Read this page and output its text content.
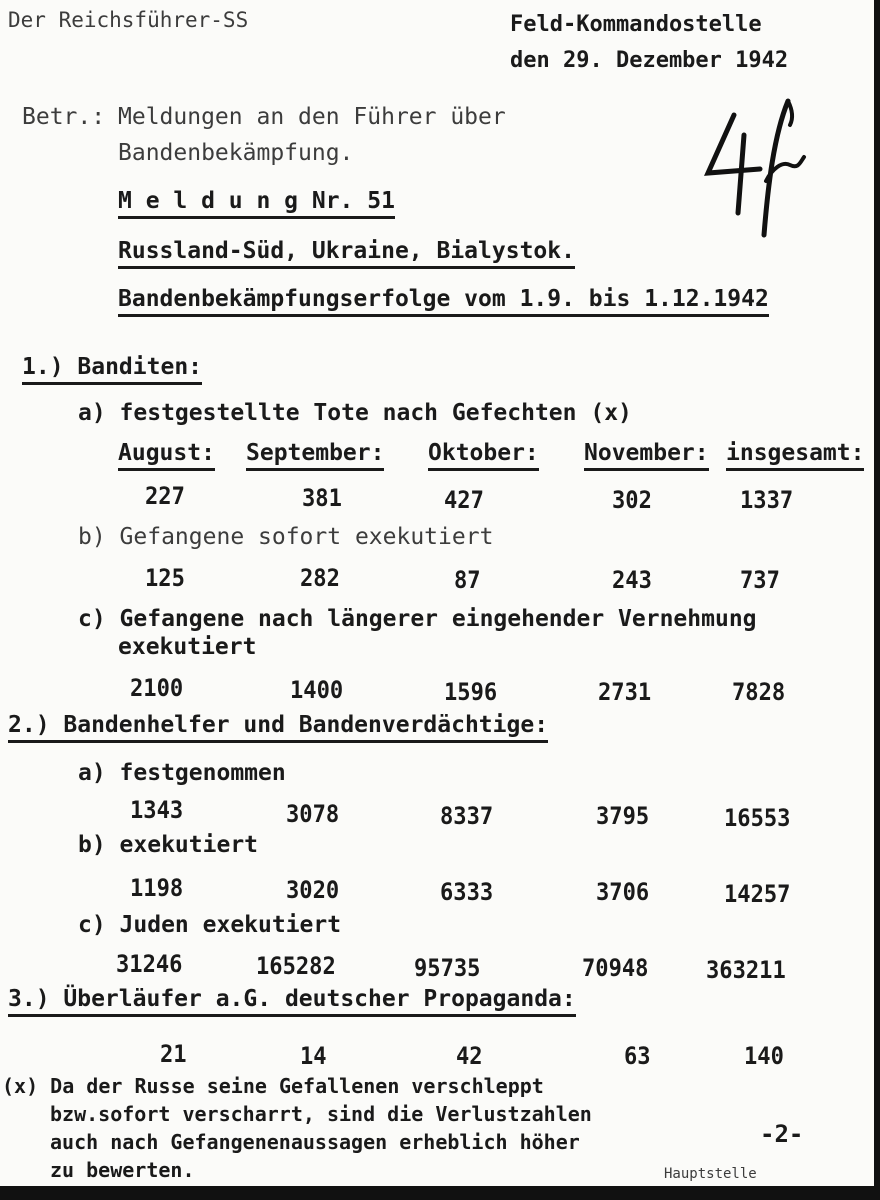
Der Reichsführer-SS	Feld-Kommandostelle
den 29. Dezember 1942
Betr.: Meldungen an den Führer über
Bandenbekämpfung.
M e l d u n g Nr. 51
Russland-Süd, Ukraine, Bialystok.
Bandenbekämpfungserfolge vom 1.9. bis 1.12.1942
1.) Banditen:
a) festgestellte Tote nach Gefechten (x)
August: September: Oktober: November: insgesamt:
227	381	427	302	1337
b) Gefangene sofort exekutiert
125	282	87	243	737
c) Gefangene nach längerer eingehender Vernehmung
exekutiert
2100	1400	1596	2731	7828
2.) Bandenhelfer und Bandenverdächtige:
a) festgenommen
1343	3078	8337	3795	16553
b) exekutiert
1198	3020	6333	3706	14257
c) Juden exekutiert
31246	165282	95735	70948 363211
3.) Überläufer a.G. deutscher Propaganda:
21	14	42	63	140
(x) Da der Russe seine Gefallenen verschleppt
bzw.sofort verscharrt, sind die Verlustzahlen
auch nach Gefangenenaussagen erheblich höher
zu bewerten.
-2-
Hauptstelle
